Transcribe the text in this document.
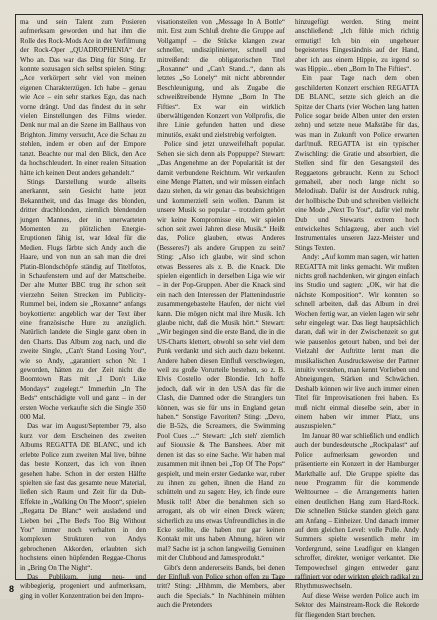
ma und sein Talent zum Posieren aufmerksam geworden und hat ihm die Rolle des Rock-Mods Ace in der Verfilmung der Rock-Oper „QUADROPHENIA“ der Who an. Das war das Ding für Sting. Er konnte sozusagen sich selbst spielen. Sting: „Ace verkörpert sehr viel von meinen eigenen Charakterzügen. Ich habe – genau wie Ace – ein sehr starkes Ego, das nach vorne drängt. Und das findest du in sehr vielen Einstellungen des Films wieder. Denk nur mal an die Szene im Ballhaus von Brighton. Jimmy versucht, Ace die Schau zu stehlen, indem er oben auf der Empore tanzt. Beachte nur mal den Blick, den Ace da hochschleudert. In einer realen Situation hätte ich keinen Deut anders gehandelt.“

Stings Darstellung wurde allseits anerkannt, sein Gesicht hatte jetzt Bekanntheit, und das Image des blonden, dritter drachblonden, ziemlich blendenden jungen Mannes, der in unerwarteten Momenten zu plötzlichen Energie-Eruptionen fähig ist, war Ideal für die Medien. Flugs färbte sich Andy auch die Haare, und von nun an sah man die drei Platin-Blondschöpfe ständig auf Titelfotos, in Schaufenstern und auf der Mattscheibe. Der alte Mutter BBC trug ihr schon seit vierzehn Seiten Strecken im Publicity-Rummel bei, indem sie „Roxanne“ anfangs boykottierte: angeblich war der Text über eine französische Hure zu anzüglich. Natürlich landete die Single ganz oben in den Charts. Das Album zog nach, und die zweite Single, „Can't Stand Losing You“, wie so Andy, „garantiert schon Nr. 1 geworden, hätten zu der Zeit nicht die Boomtown Rats mit „I Don't Like Mondays“ zugelegt.“ Immerhin „In The Beds“ entschädigte voll und ganz – in der ersten Woche verkaufte sich die Single 350 000 Mal.

Das war im August/September 79, also kurz vor dem Erscheinen des zweiten Albums REGATTA DE BLANC, und ich erlebte Police zum zweiten Mal live, bühne das beste Konzert, das ich von ihnen gesehen habe. Schon in der ersten Hälfte spielten sie fast das gesamte neue Material, ließen sich Raum und Zeit für da Dub-Effekte in „Walking On The Moon“, spielen „Regatta De Blanc“ weit ausladend und Lieben bei „The Bed's Too Big Without You“ immer noch verhalten in den komplexen Strukturen von Andys gebrochenen Akkorden, erlaubten sich hochstens einen hüpfenden Reggae-Chorus in „Bring On The Night“.

Das Publikum, jung neu- und wibbegierig, progeniert und aufmerksam, ging in voller Konzentration bei den Impro-

visationsteilen von „Message In A Bottle“ mit. Erst zum Schluß drehte die Gruppe auf Vollgampf – die Stücke klangen zwar schneller, undisziplinierter, schnell und mitreißend: die obligatorischen Titel „Roxanne“ und „Can't Stand...“, dann als letztes „So Lonely“ mit nicht abbrennder Beschleunigung, und als Zugabe die schweißtreibende Hymne „Born In The Fifties“. Ex war ein wirklich überwältigenden Konzert von Vollprofis, die ihre Linie gefunden hatten und diese minutiös, exakt und zielstrebig verfolgten.

Police sind jetzt unzweifelhaft popular. Sehen sie sich denn als Poppuppe? Stewart: „Das Angenehme an der Popularität ist der damit verbundene Reichtum. Wir verkaufen eine Menge Platten, und wir müssen einfach dazu stehen, da wir genau das beabsichtigen und kommerziell sein wollen. Darum ist unsere Musik so popular – trotzdem gehört wir keine Kompromisse ein, wir spielen schon seit zwei Jahren diese Musik.“ Heißt das, Police glauben, etwas Anderes (Besseres?) als andere Gruppen zu sein? Sting: „Also ich glaube, wir sind schon etwas Besseres als z. B. die Knack. Die spielen eigentlich in derselben Liga wie wir – in der Pop-Gruppen. Aber die Knack sind ein nach den Interessen der Plattenindustrie zusammengebastelte Haufen, der nicht viel kann. Die mögen nicht mal ihre Musik. Ich glaube nicht, daß die Musik hört.“ Stewart: „Wir begingen sind die erste Band, die in die US-Charts klettert, obwohl so sehr viel dem Punk verdankt und sich auch dazu bekennt. Andere haben diesen Einfluß verschwiegen, weil zu große Vorurteile bestehen, so z. B. Elvis Costello oder Blondie. Ich hoffe jedoch, daß wir in den USA das für die Clash, die Damned oder die Stranglers tun können, was sie für uns in England getan haben.“ Sonstige Favoriten? Sting: „Devo, die B-52s, die Screamers, die Swimming Pool Cues ...“ Stewart: „Ich steh' ziemlich auf Siouxsie & The Banshees. Aber mit denen ist das so eine Sache. Wir haben mal zusammen mit ihnen bei „Top Of The Pops“ gespielt, und mein erster Gedanke war, ruber zu ihnen zu gehen, ihnen die Hand zu schütteln und zu sagen: Hey, ich finde eure Musik toll! Aber die benahmen sich so arrogant, als ob wir einen Dreck wären; sicherlich zu uns etwas Unfreundliches in die Ecke stellte, die haben nur gar keinen Kontakt mit uns haben Ahnung, hören wir mal? Sache ist ja schon langweilig Genuinen mit der Clubhoud and Jamesprodukt.“

Gibt's denn andererseits Bands, bei denen der Einfluß von Police schon offen zu Tage tritt? Sting: „Hhhmm, die Members, aber auch die Specials.“ In Nachhinein mühten auch die Pretenders

hinzugefügt werden. Sting meint anschließend: „Ich fühle mich richtig ermutigt! Ich bin ein ungeheuer begeistertes Eingeständnis auf der Hand, aber ich aus einem Hippie, zu irgend so was Hippie... eben „Born In The Fifties“.

Ein paar Tage nach dem oben geschilderten Konzert erschien REGATTA DE BLANC, setzte sich gleich an die Spitze der Charts (vier Wochen lang hatten Police sogar beide Alben unter den ersten zehn) und setzte neue Maßstäbe für das, was man in Zukunft von Police erwarten darf/muß. REGATTA ist ein typischer Zwischling: die Gratie und absorbiert, die Stellen sind für den Gesangsteil des Reggaetons gebraucht. Kenn zu Schocl gemaheil, aber noch lange nicht so Melodiuab. Dafür ist der Ausdruck ruhig, der hollbische Dub und schreiben vielleicht eine Mode „Next To You“, dafür viel mehr Dub und Stewarts extrem hoch entwickeltes Schlagzeug, aber auch viel Instrumentales unseren Jazz-Meister und Stings Texten.

Andy: „Auf komm man sagen, wir hatten REGATTA mit links gemacht. Wir mußten nichts groß nachdenken, wir gingen einfach ins Studio und sagten: „OK, wir hat die nächste Komposition“. Wir konnten so schnell arbeiten, daß das Album in drei Wochen fertig war, an vielen lagen wir sehr sehr eingelegt war. Das liegt hauptsächlich daran, daß wir in der Zwischenzeit so gut wie pausenlos getourt haben, und bei der Vielzahl der Auftritte lernt man die musikalischen Ausdrucksweise der Partner intuitiv verstehen, man kennt Vorlieben und Abneigungen, Stärken und Schwächen. Deshalb können wir live auch immer einen Titel für Improvisationen frei haben. Es muß nicht einmal dieselbe sein, aber in einem haben wir immer Platz, uns auszuspielen.“

Im Januar 80 war schließlich und endlich auch der bundesdeutsche „Rockpalast“ auf Police aufmerksam geworden und präsentierte ein Konzert in der Hamburger Markthalle auf. Die Gruppe spielte das neue Programm für die kommende Welttournee – die Arrangements hatten einen deutlichen Hang zum Hard-Rock. Die schnellen Stücke standen gleich ganz am Anfang – Einheizer. Und danach immer auf dem gleichen Level: volle Pulle. Andy Summers spielte wesentlich mehr im Vordergrund, seine Leadfigur en klangen schroffer, direkter, weniger verkantet. Die Tempowechsel gingen entweder ganz raffiniert vor oder wirkten gleich radikal zu Rhythmuswechseln.

Auf diese Weise werden Police auch im Sektor des Mainstream-Rock die Rekorde für fliegenden Start brechen.

8
